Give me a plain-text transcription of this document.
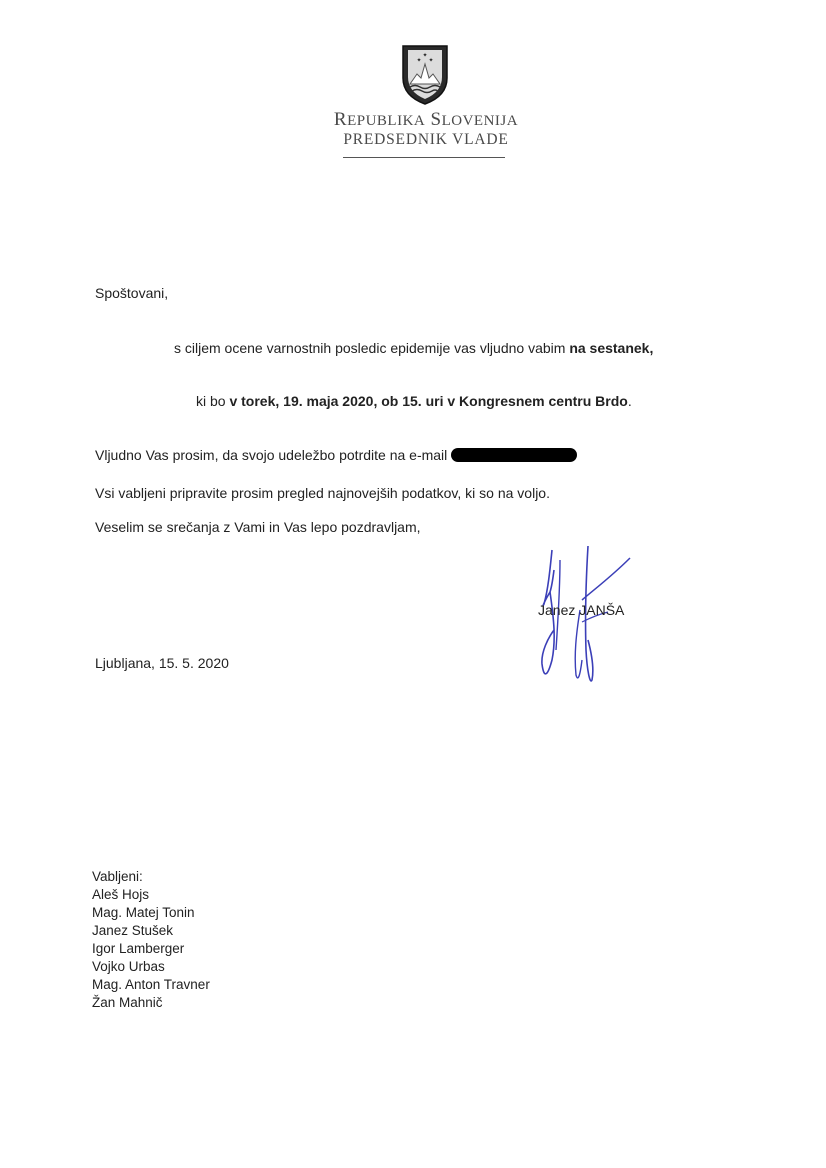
✦
✦ ✦
REPUBLIKA SLOVENIJA
PREDSEDNIK VLADE
Spoštovani,
s ciljem ocene varnostnih posledic epidemije vas vljudno vabim na sestanek,
ki bo v torek, 19. maja 2020, ob 15. uri v Kongresnem centru Brdo.
Vljudno Vas prosim, da svojo udeležbo potrdite na e-mail
Vsi vabljeni pripravite prosim pregled najnovejših podatkov, ki so na voljo.
Veselim se srečanja z Vami in Vas lepo pozdravljam,
Janez JANŠA
Ljubljana, 15. 5. 2020
Vabljeni:
Aleš Hojs
Mag. Matej Tonin
Janez Stušek
Igor Lamberger
Vojko Urbas
Mag. Anton Travner
Žan Mahnič
